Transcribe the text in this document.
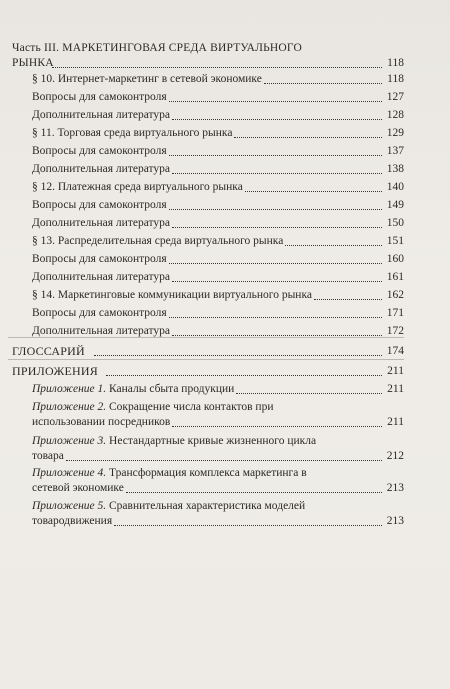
Часть III. МАРКЕТИНГОВАЯ СРЕДА ВИРТУАЛЬНОГО
РЫНКА	118
§ 10. Интернет-маркетинг в сетевой экономике	118
Вопросы для самоконтроля	127
Дополнительная литература	128
§ 11. Торговая среда виртуального рынка	129
Вопросы для самоконтроля	137
Дополнительная литература	138
§ 12. Платежная среда виртуального рынка	140
Вопросы для самоконтроля	149
Дополнительная литература	150
§ 13. Распределительная среда виртуального рынка	151
Вопросы для самоконтроля	160
Дополнительная литература	161
§ 14. Маркетинговые коммуникации виртуального рынка	162
Вопросы для самоконтроля	171
Дополнительная литература	172
ГЛОССАРИЙ	174
ПРИЛОЖЕНИЯ	211
Приложение 1. Каналы сбыта продукции	211
Приложение 2. Сокращение числа контактов при
использовании посредников	211
Приложение 3. Нестандартные кривые жизненного цикла
товара	212
Приложение 4. Трансформация комплекса маркетинга в
сетевой экономике	213
Приложение 5. Сравнительная характеристика моделей
товародвижения	213
